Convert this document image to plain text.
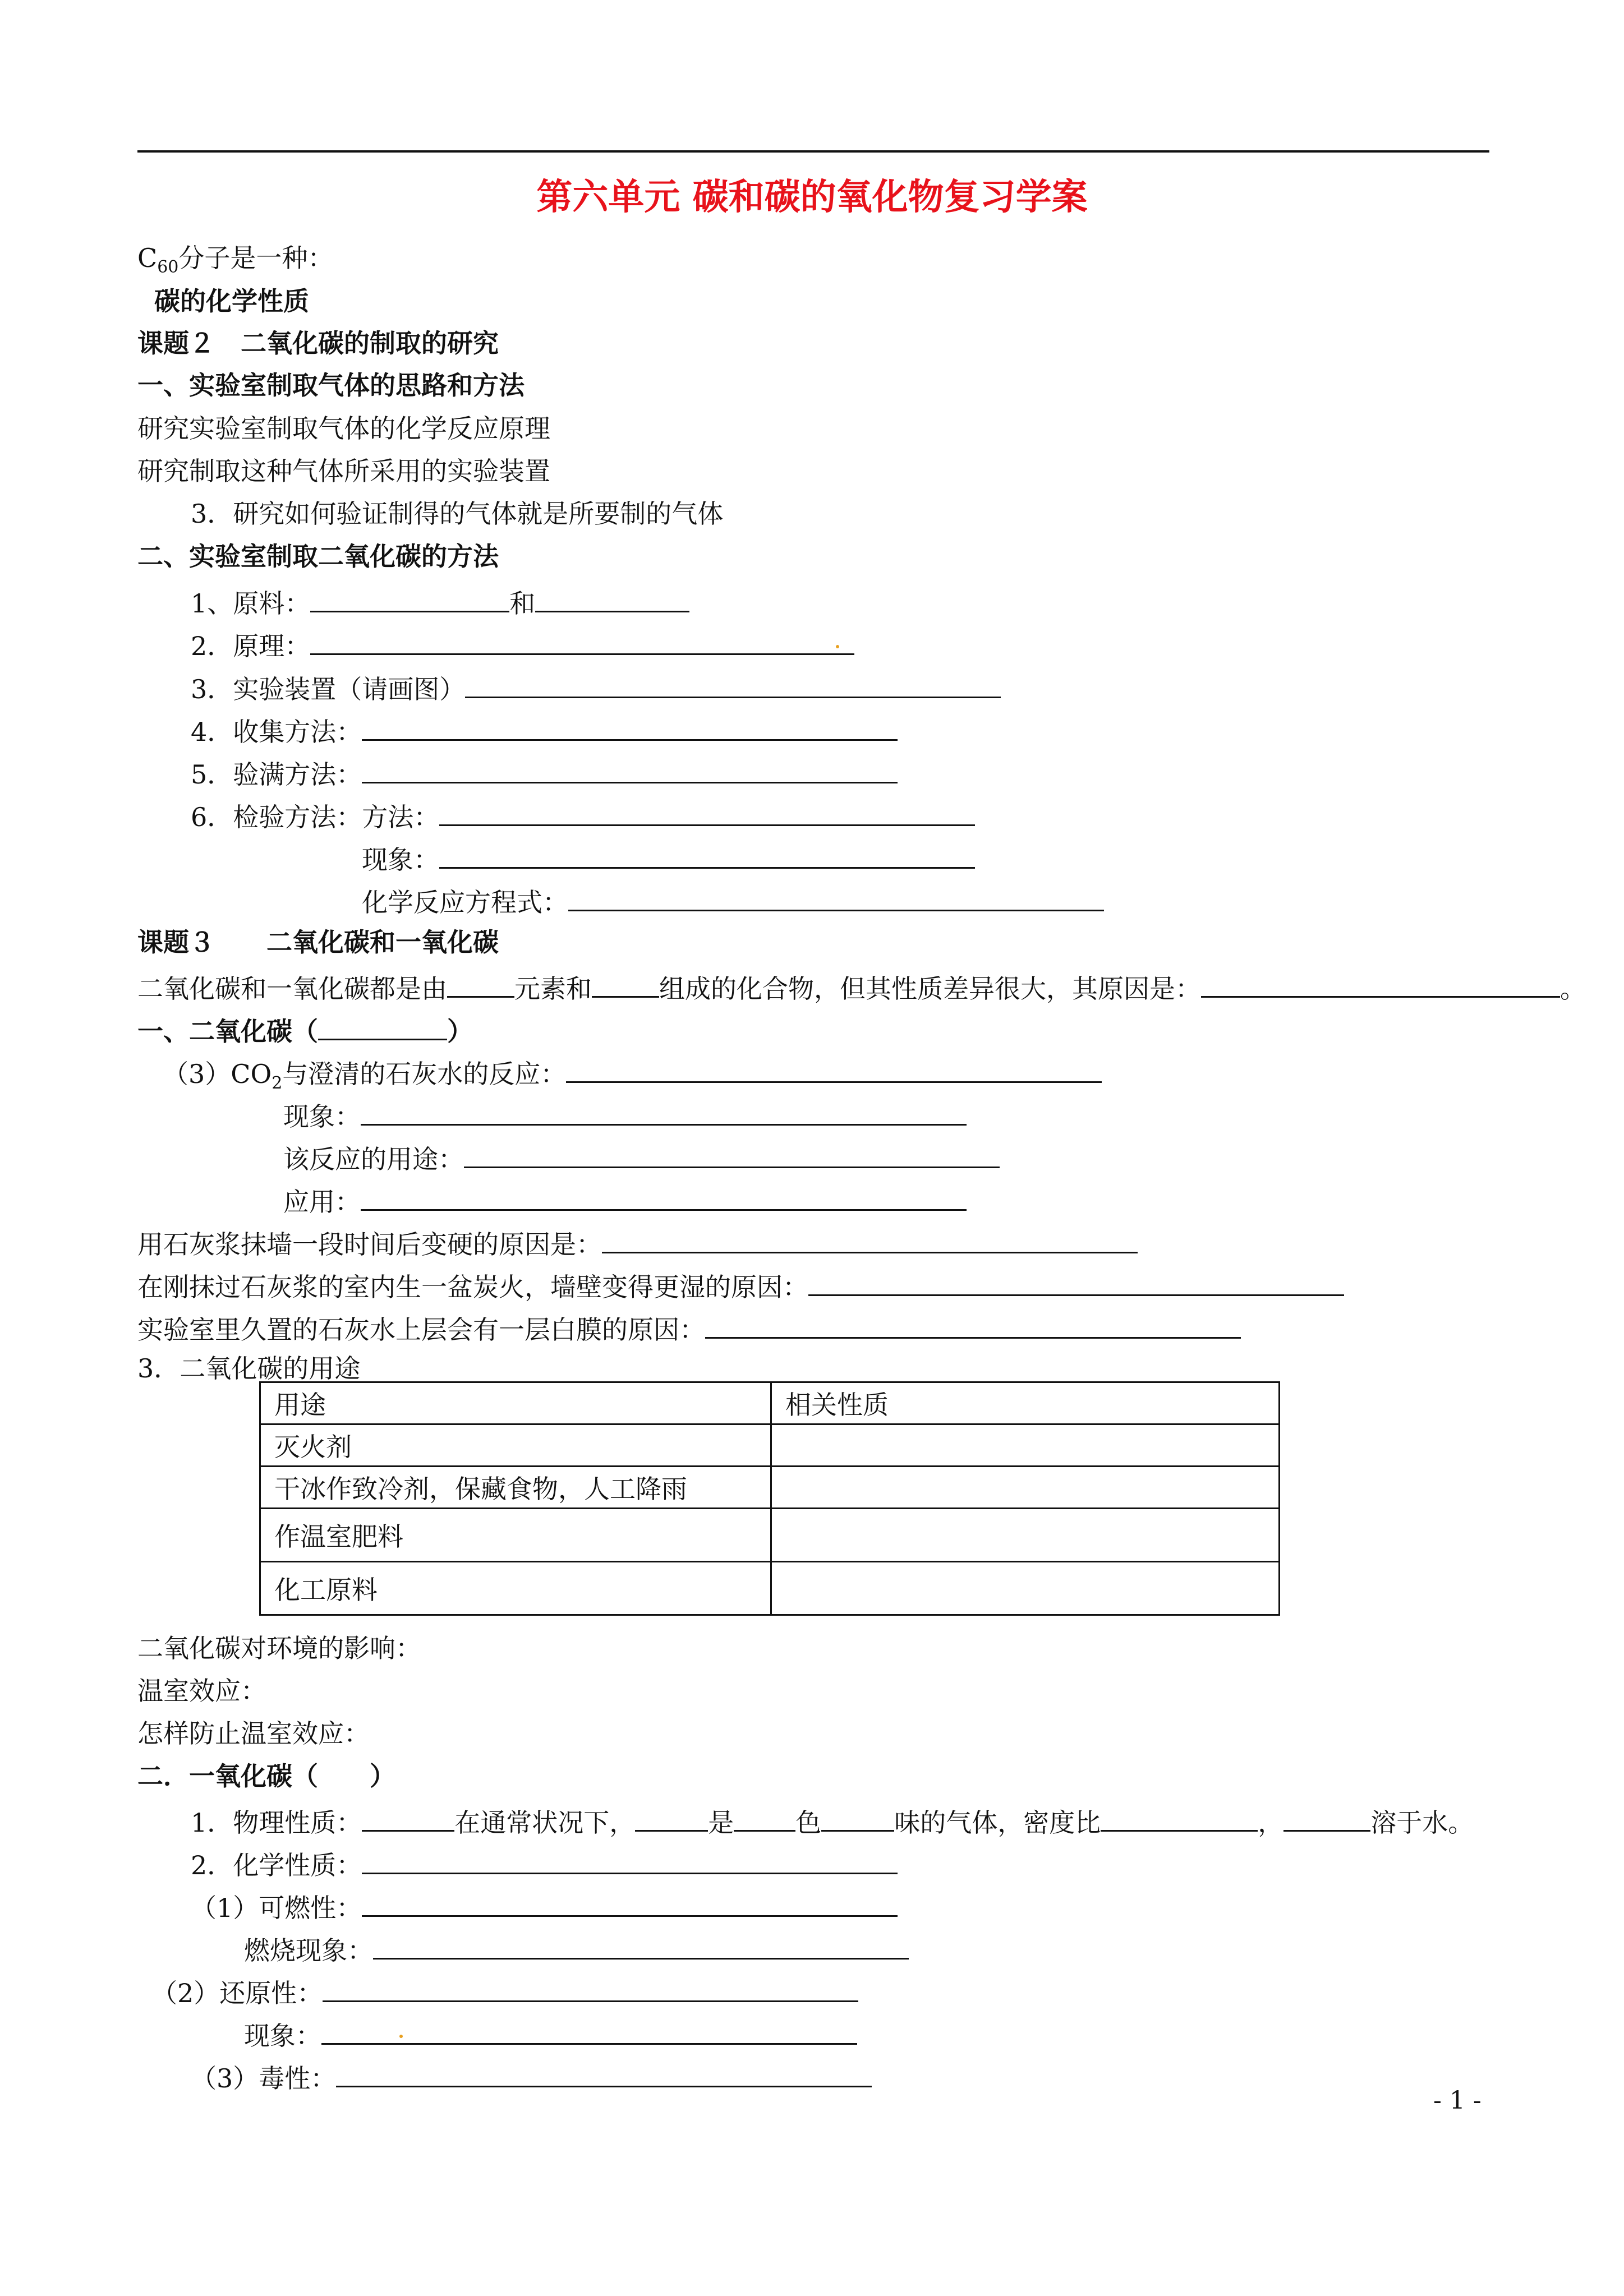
第六单元 碳和碳的氧化物复习学案
$C_{60}$分子是一种：
碳的化学性质
课题２　二氧化碳的制取的研究
一、实验室制取气体的思路和方法
研究实验室制取气体的化学反应原理
研究制取这种气体所采用的实验装置
3．研究如何验证制得的气体就是所要制的气体
二、实验室制取二氧化碳的方法
1、原料：	和
2．原理：
3．实验装置（请画图）
4．收集方法：
5．验满方法：
6．检验方法：方法：
现象：
化学反应方程式：
课题３　　二氧化碳和一氧化碳
二氧化碳和一氧化碳都是由	元素和	组成的化合物，但其性质差异很大，其原因是：	。
一、二氧化碳（	）
$(3)CO_2$与澄清的石灰水的反应：
现象：
该反应的用途：
应用：
用石灰浆抹墙一段时间后变硬的原因是：
在刚抹过石灰浆的室内生一盆炭火，墙壁变得更湿的原因：
实验室里久置的石灰水上层会有一层白膜的原因：
3．二氧化碳的用途
用途	相关性质
灭火剂	
干冰作致冷剂，保藏食物，人工降雨	
作温室肥料	
化工原料	
二氧化碳对环境的影响：
温室效应：
怎样防止温室效应：
二．一氧化碳（　　）
1．物理性质：	在通常状况下，	是 色	味的气体，密度比	，	溶于水。
2．化学性质：
（1）可燃性：
燃烧现象：
（2）还原性：
现象：
（3）毒性：
- 1 -
